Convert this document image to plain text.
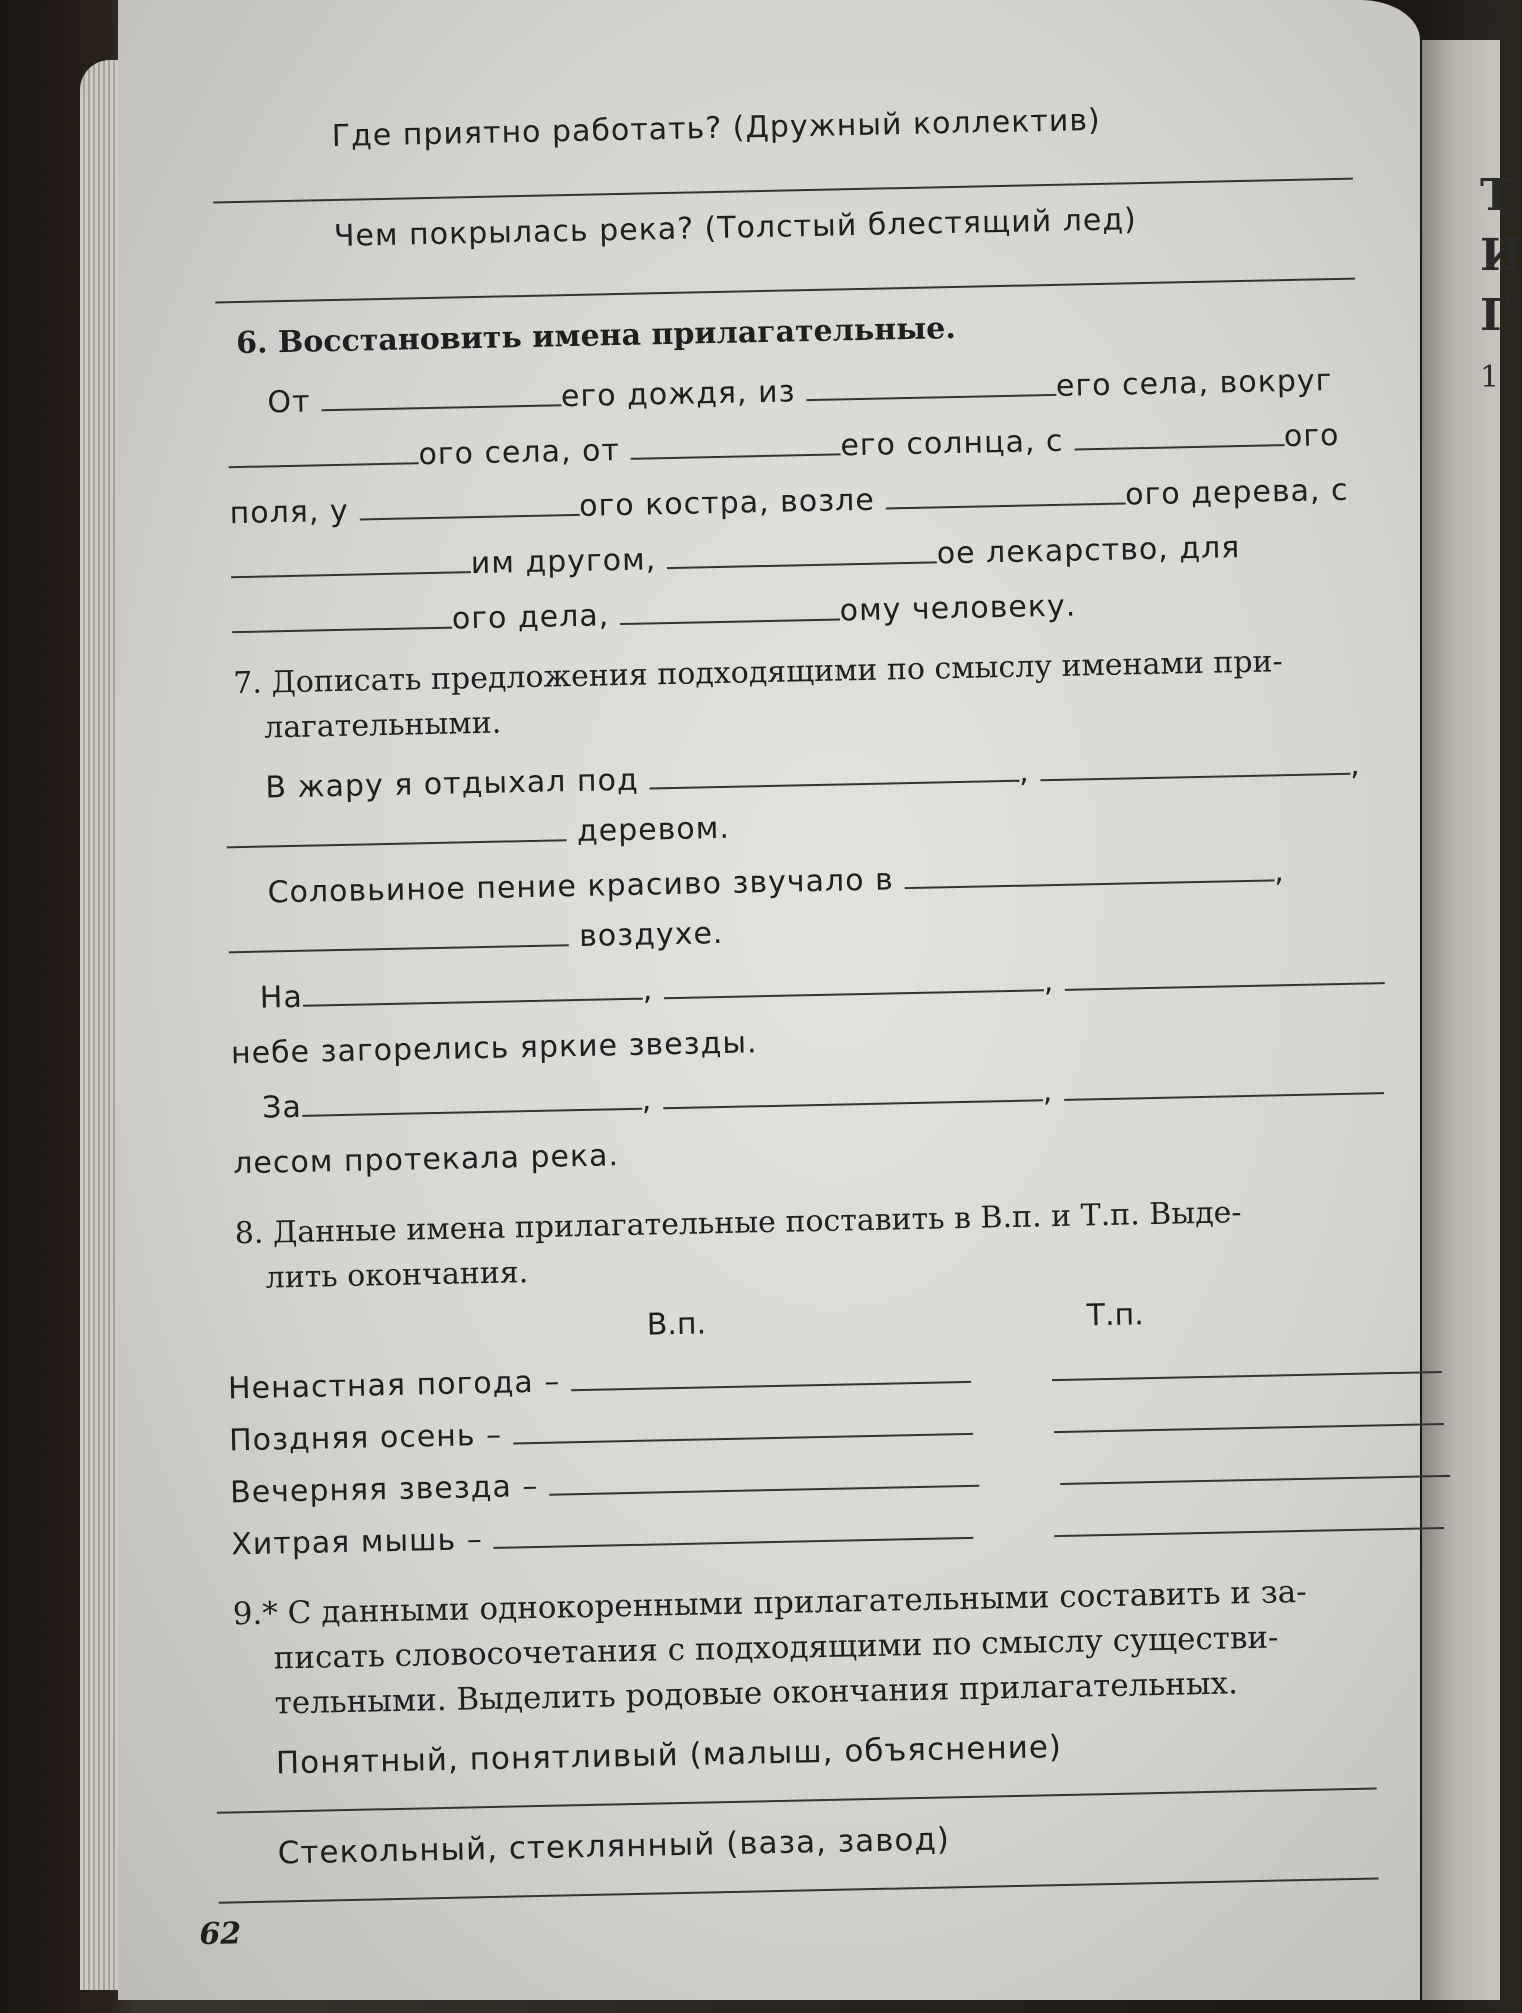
Т
И
Г
1
Где приятно работать? (Дружный коллектив)
Чем покрылась река? (Толстый блестящий лед)
6. Восстановить имена прилагательные.
От	его дождя, из	его села, вокруг
ого села, от	его солнца, с	ого
поля, у	ого костра, возле	ого дерева, с
им другом,	ое лекарство, для
ого дела,	ому человеку.
7. Дописать предложения подходящими по смыслу именами при-
лагательными.
В жару я отдыхал под	,	,
деревом.
Соловьиное пение красиво звучало в	,
воздухе.
На	,	,
небе загорелись яркие звезды.
За	,	,
лесом протекала река.
8. Данные имена прилагательные поставить в В.п. и Т.п. Выде-
лить окончания.
В.п.	Т.п.
Ненастная погода –
Поздняя осень –
Вечерняя звезда –
Хитрая мышь –
9.* С данными однокоренными прилагательными составить и за-
писать словосочетания с подходящими по смыслу существи-
тельными. Выделить родовые окончания прилагательных.
Понятный, понятливый (малыш, объяснение)
Стекольный, стеклянный (ваза, завод)
62
